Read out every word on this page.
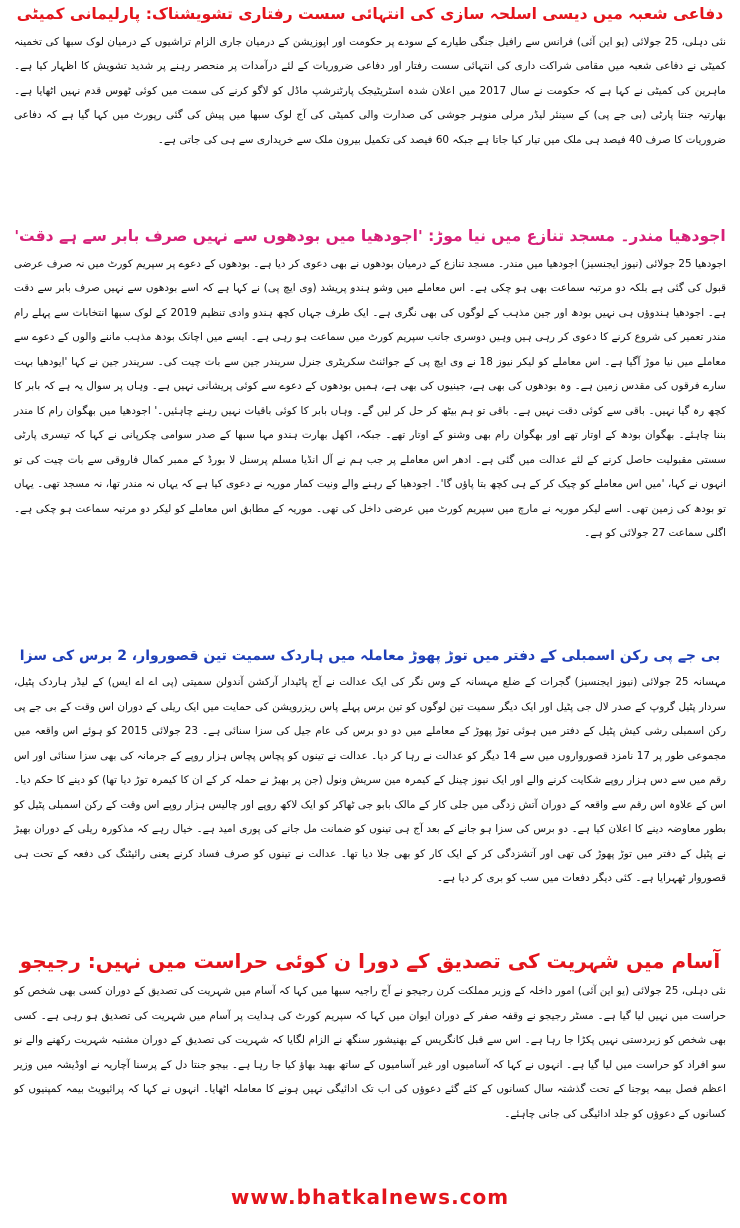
دفاعی شعبہ میں دیسی اسلحہ سازی کی انتہائی سست رفتاری تشویشناک: پارلیمانی کمیٹی

نئی دہلی، 25 جولائی (یو این آئی) فرانس سے رافیل جنگی طیارے کے سودے پر حکومت اور اپوزیشن کے درمیان جاری الزام تراشیوں کے درمیان لوک سبھا کی تخمینہ کمیٹی نے دفاعی شعبہ میں مقامی شراکت داری کی انتہائی سست رفتار اور دفاعی ضروریات کے لئے درآمدات پر منحصر رہنے پر شدید تشویش کا اظہار کیا ہے۔ ماہرین کی کمیٹی نے کہا ہے کہ حکومت نے سال 2017 میں اعلان شدہ اسٹریٹیجک پارٹنرشپ ماڈل کو لاگو کرنے کی سمت میں کوئی ٹھوس قدم نہیں اٹھایا ہے۔ بھارتیہ جنتا پارٹی (بی جے پی) کے سینئر لیڈر مرلی منوہر جوشی کی صدارت والی کمیٹی کی آج لوک سبھا میں پیش کی گئی رپورٹ میں کہا گیا ہے کہ دفاعی ضروریات کا صرف 40 فیصد ہی ملک میں تیار کیا جاتا ہے جبکہ 60 فیصد کی تکمیل بیرون ملک سے خریداری سے ہی کی جاتی ہے۔

اجودھیا مندر۔ مسجد تنازع میں نیا موڑ: 'اجودھیا میں بودھوں سے نہیں صرف بابر سے ہے دقت'

اجودھیا 25 جولائی (نیوز ایجنسیز) اجودھیا میں مندر۔ مسجد تنازع کے درمیان بودھوں نے بھی دعوی کر دیا ہے۔ بودھوں کے دعوے پر سپریم کورٹ میں نہ صرف عرضی قبول کی گئی ہے بلکہ دو مرتبہ سماعت بھی ہو چکی ہے۔ اس معاملے میں وشو ہندو پریشد (وی ایچ پی) نے کہا ہے کہ اسے بودھوں سے نہیں صرف بابر سے دقت ہے۔ اجودھیا ہندوؤں ہی نہیں بودھ اور جین مذہب کے لوگوں کی بھی نگری ہے۔ ایک طرف جہاں کچھ ہندو وادی تنظیم 2019 کے لوک سبھا انتخابات سے پہلے رام مندر تعمیر کی شروع کرنے کا دعوی کر رہی ہیں وہیں دوسری جانب سپریم کورٹ میں سماعت ہو رہی ہے۔ ایسے میں اچانک بودھ مذہب ماننے والوں کے دعوے سے معاملے میں نیا موڑ آگیا ہے۔ اس معاملے کو لیکر نیوز 18 نے وی ایچ پی کے جوائنٹ سکریٹری جنرل سریندر جین سے بات چیت کی۔ سریندر جین نے کہا 'ایودھیا بہت سارے فرقوں کی مقدس زمین ہے۔ وہ بودھوں کی بھی ہے، جینیوں کی بھی ہے، ہمیں بودھوں کے دعوے سے کوئی پریشانی نہیں ہے۔ وہاں پر سوال یہ ہے کہ بابر کا کچھ رہ گیا نہیں۔ باقی سے کوئی دقت نہیں ہے۔ باقی تو ہم بیٹھ کر حل کر لیں گے۔ وہاں بابر کا کوئی باقیات نہیں رہنے چاہئیں۔' اجودھیا میں بھگوان رام کا مندر بننا چاہئے۔ بھگوان بودھ کے اوتار تھے اور بھگوان رام بھی وشنو کے اوتار تھے۔ جبکہ، اکھل بھارت ہندو مہا سبھا کے صدر سوامی چکرپانی نے کہا کہ تیسری پارٹی سستی مقبولیت حاصل کرنے کے لئے عدالت میں گئی ہے۔ ادھر اس معاملے پر جب ہم نے آل انڈیا مسلم پرسنل لا بورڈ کے ممبر کمال فاروقی سے بات چیت کی تو انہوں نے کہا، 'میں اس معاملے کو چیک کر کے ہی کچھ بتا پاؤں گا'۔ اجودھیا کے رہنے والے ونیت کمار موریہ نے دعوی کیا ہے کہ یہاں نہ مندر تھا، نہ مسجد تھی۔ یہاں تو بودھ کی زمین تھی۔ اسے لیکر موریہ نے مارچ میں سپریم کورٹ میں عرضی داخل کی تھی۔ موریہ کے مطابق اس معاملے کو لیکر دو مرتبہ سماعت ہو چکی ہے۔ اگلی سماعت 27 جولائی کو ہے۔

بی جے پی رکن اسمبلی کے دفتر میں توڑ پھوڑ معاملہ میں ہاردک سمیت تین قصوروار، 2 برس کی سزا

مہسانہ 25 جولائی (نیوز ایجنسیز) گجرات کے ضلع مہسانہ کے وس نگر کی ایک عدالت نے آج پاٹیدار آرکشن آندولن سمیتی (پی اے اے ایس) کے لیڈر ہاردک پٹیل، سردار پٹیل گروپ کے صدر لال جی پٹیل اور ایک دیگر سمیت تین لوگوں کو تین برس پہلے پاس ریزرویشن کی حمایت میں ایک ریلی کے دوران اس وقت کے بی جے پی رکن اسمبلی رشی کیش پٹیل کے دفتر میں ہوئی توڑ پھوڑ کے معاملے میں دو دو برس کی عام جیل کی سزا سنائی ہے۔ 23 جولائی 2015 کو ہوئے اس واقعہ میں مجموعی طور پر 17 نامزد قصورواروں میں سے 14 دیگر کو عدالت نے رہا کر دیا۔ عدالت نے تینوں کو پچاس پچاس ہزار روپے کے جرمانہ کی بھی سزا سنائی اور اس رقم میں سے دس ہزار روپے شکایت کرنے والے اور ایک نیوز چینل کے کیمرہ مین سریش ونول (جن پر بھیڑ نے حملہ کر کے ان کا کیمرہ توڑ دیا تھا) کو دینے کا حکم دیا۔ اس کے علاوہ اس رقم سے واقعہ کے دوران آتش زدگی میں جلی کار کے مالک بابو جی ٹھاکر کو ایک لاکھ روپے اور چالیس ہزار روپے اس وقت کے رکن اسمبلی پٹیل کو بطور معاوضہ دینے کا اعلان کیا ہے۔ دو برس کی سزا ہو جانے کے بعد آج ہی تینوں کو ضمانت مل جانے کی پوری امید ہے۔ خیال رہے کہ مذکورہ ریلی کے دوران بھیڑ نے پٹیل کے دفتر میں توڑ پھوڑ کی تھی اور آتشزدگی کر کے ایک کار کو بھی جلا دیا تھا۔ عدالت نے تینوں کو صرف فساد کرنے یعنی رائیٹنگ کی دفعہ کے تحت ہی قصوروار ٹھہرایا ہے۔ کئی دیگر دفعات میں سب کو بری کر دیا ہے۔

آسام میں شہریت کی تصدیق کے دورا ن کوئی حراست میں نہیں: رجیجو

نئی دہلی، 25 جولائی (یو این آئی) امور داخلہ کے وزیر مملکت کرن رجیجو نے آج راجیہ سبھا میں کہا کہ آسام میں شہریت کی تصدیق کے دوران کسی بھی شخص کو حراست میں نہیں لیا گیا ہے۔ مسٹر رجیجو نے وقفہ صفر کے دوران ایوان میں کہا کہ سپریم کورٹ کی ہدایت پر آسام میں شہریت کی تصدیق ہو رہی ہے۔ کسی بھی شخص کو زبردستی نہیں پکڑا جا رہا ہے۔ اس سے قبل کانگریس کے بھنیشور سنگھ نے الزام لگایا کہ شہریت کی تصدیق کے دوران مشتبہ شہریت رکھنے والے نو سو افراد کو حراست میں لیا گیا ہے۔ انہوں نے کہا کہ آسامیوں اور غیر آسامیوں کے ساتھ بھید بھاؤ کیا جا رہا ہے۔ بیجو جنتا دل کے پرسنا آچاریہ نے اوڈیشہ میں وزیر اعظم فصل بیمہ یوجنا کے تحت گذشتہ سال کسانوں کے کئے گئے دعوؤں کی اب تک ادائیگی نہیں ہونے کا معاملہ اٹھایا۔ انہوں نے کہا کہ پرائیویٹ بیمہ کمپنیوں کو کسانوں کے دعوؤں کو جلد ادائیگی کی جانی چاہئے۔

www.bhatkalnews.com
